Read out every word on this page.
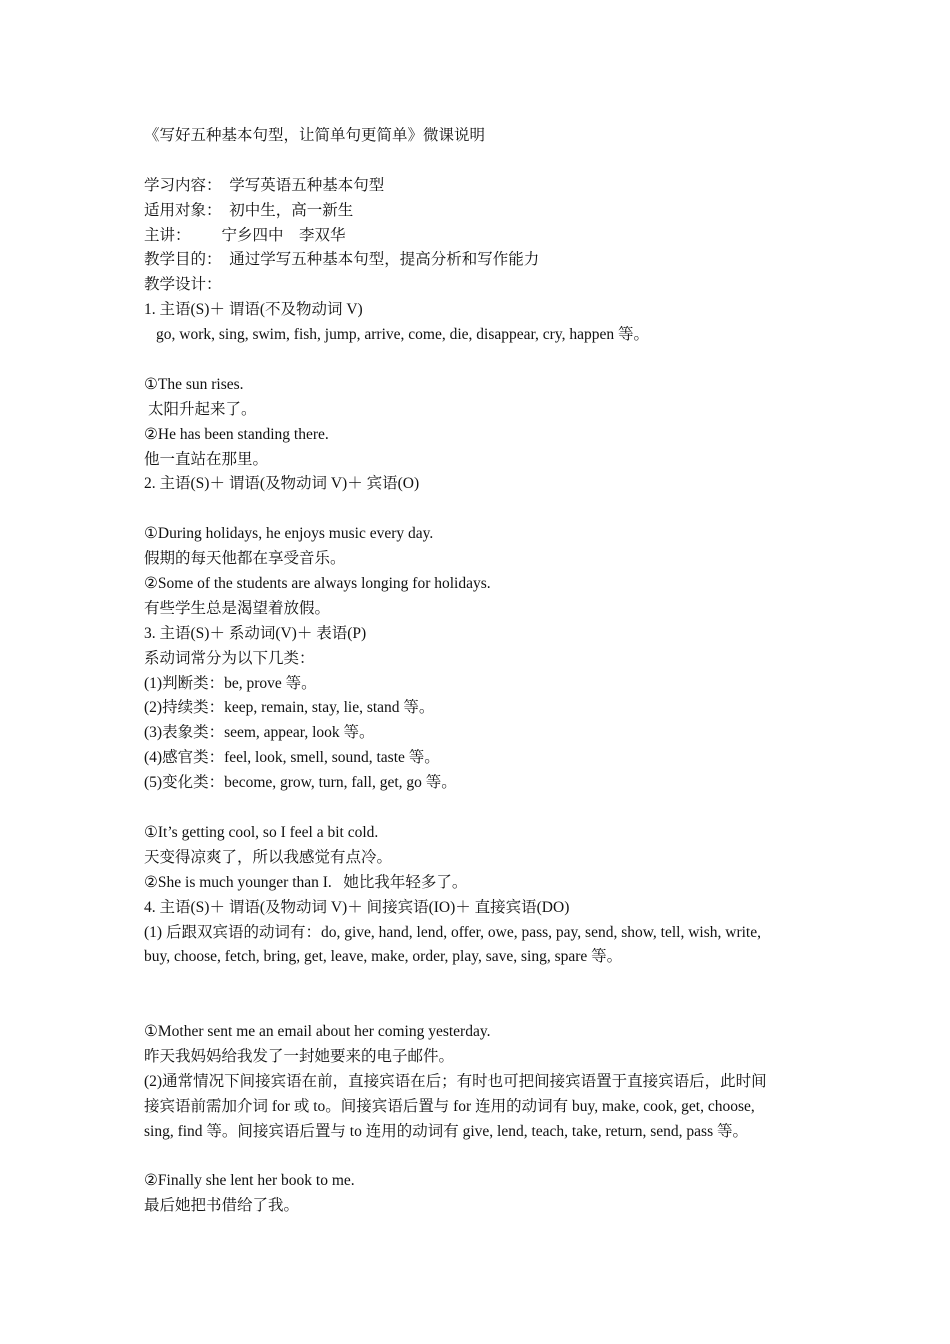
《写好五种基本句型，让简单句更简单》微课说明
学习内容：  学写英语五种基本句型
适用对象：  初中生，高一新生
主讲：        宁乡四中    李双华
教学目的：  通过学写五种基本句型，提高分析和写作能力
教学设计：
1. 主语(S)＋ 谓语(不及物动词 V)
go, work, sing, swim, fish, jump, arrive, come, die, disappear, cry, happen 等。
①The sun rises.
太阳升起来了。
②He has been standing there.
他一直站在那里。
2. 主语(S)＋ 谓语(及物动词 V)＋ 宾语(O)
①During holidays, he enjoys music every day.
假期的每天他都在享受音乐。
②Some of the students are always longing for holidays.
有些学生总是渴望着放假。
3. 主语(S)＋ 系动词(V)＋ 表语(P)
系动词常分为以下几类：
(1)判断类：be, prove 等。
(2)持续类：keep, remain, stay, lie, stand 等。
(3)表象类：seem, appear, look 等。
(4)感官类：feel, look, smell, sound, taste 等。
(5)变化类：become, grow, turn, fall, get, go 等。
①It’s getting cool, so I feel a bit cold.
天变得凉爽了，所以我感觉有点冷。
②She is much younger than I.   她比我年轻多了。
4. 主语(S)＋ 谓语(及物动词 V)＋ 间接宾语(IO)＋ 直接宾语(DO)
(1) 后跟双宾语的动词有：do, give, hand, lend, offer, owe, pass, pay, send, show, tell, wish, write,
buy, choose, fetch, bring, get, leave, make, order, play, save, sing, spare 等。
①Mother sent me an email about her coming yesterday.
昨天我妈妈给我发了一封她要来的电子邮件。
(2)通常情况下间接宾语在前，直接宾语在后；有时也可把间接宾语置于直接宾语后，此时间
接宾语前需加介词 for 或 to。间接宾语后置与 for 连用的动词有 buy, make, cook, get, choose,
sing, find 等。间接宾语后置与 to 连用的动词有 give, lend, teach, take, return, send, pass 等。
②Finally she lent her book to me.
最后她把书借给了我。
